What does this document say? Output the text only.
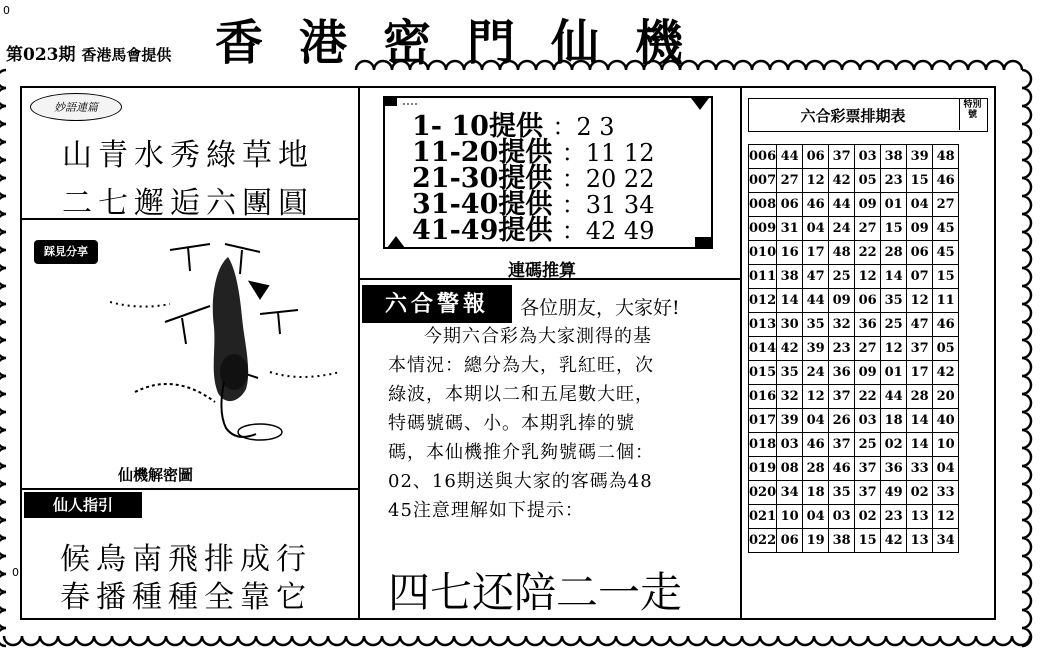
0
第023期 香港馬會提供 香港密門仙機
妙語連篇
山青水秀綠草地
二七邂逅六團圓
踩見分享
仙機解密圖
仙人指引
候鳥南飛排成行
春播種種全靠它
1- 10提供 ：2 3
11-20提供 ：11 12
21-30提供 ：20 22
31-40提供 ：31 34
41-49提供 ：42 49
連碼推算
六合警報	各位朋友，大家好!
今期六合彩為大家測得的基
本情況：總分為大，乳紅旺，次
綠波，本期以二和五尾數大旺，
特碼號碼、小。本期乳捧的號
碼，本仙機推介乳夠號碼二個：
02、16期送與大家的客碼為48
45注意理解如下提示：
四七还陪二一走
0
六合彩票排期表
特別號
006	44	06	37	03	38	39	48
007	27	12	42	05	23	15	46
008	06	46	44	09	01	04	27
009	31	04	24	27	15	09	45
010	16	17	48	22	28	06	45
011	38	47	25	12	14	07	15
012	14	44	09	06	35	12	11
013	30	35	32	36	25	47	46
014	42	39	23	27	12	37	05
015	35	24	36	09	01	17	42
016	32	12	37	22	44	28	20
017	39	04	26	03	18	14	40
018	03	46	37	25	02	14	10
019	08	28	46	37	36	33	04
020	34	18	35	37	49	02	33
021	10	04	03	02	23	13	12
022	06	19	38	15	42	13	34
